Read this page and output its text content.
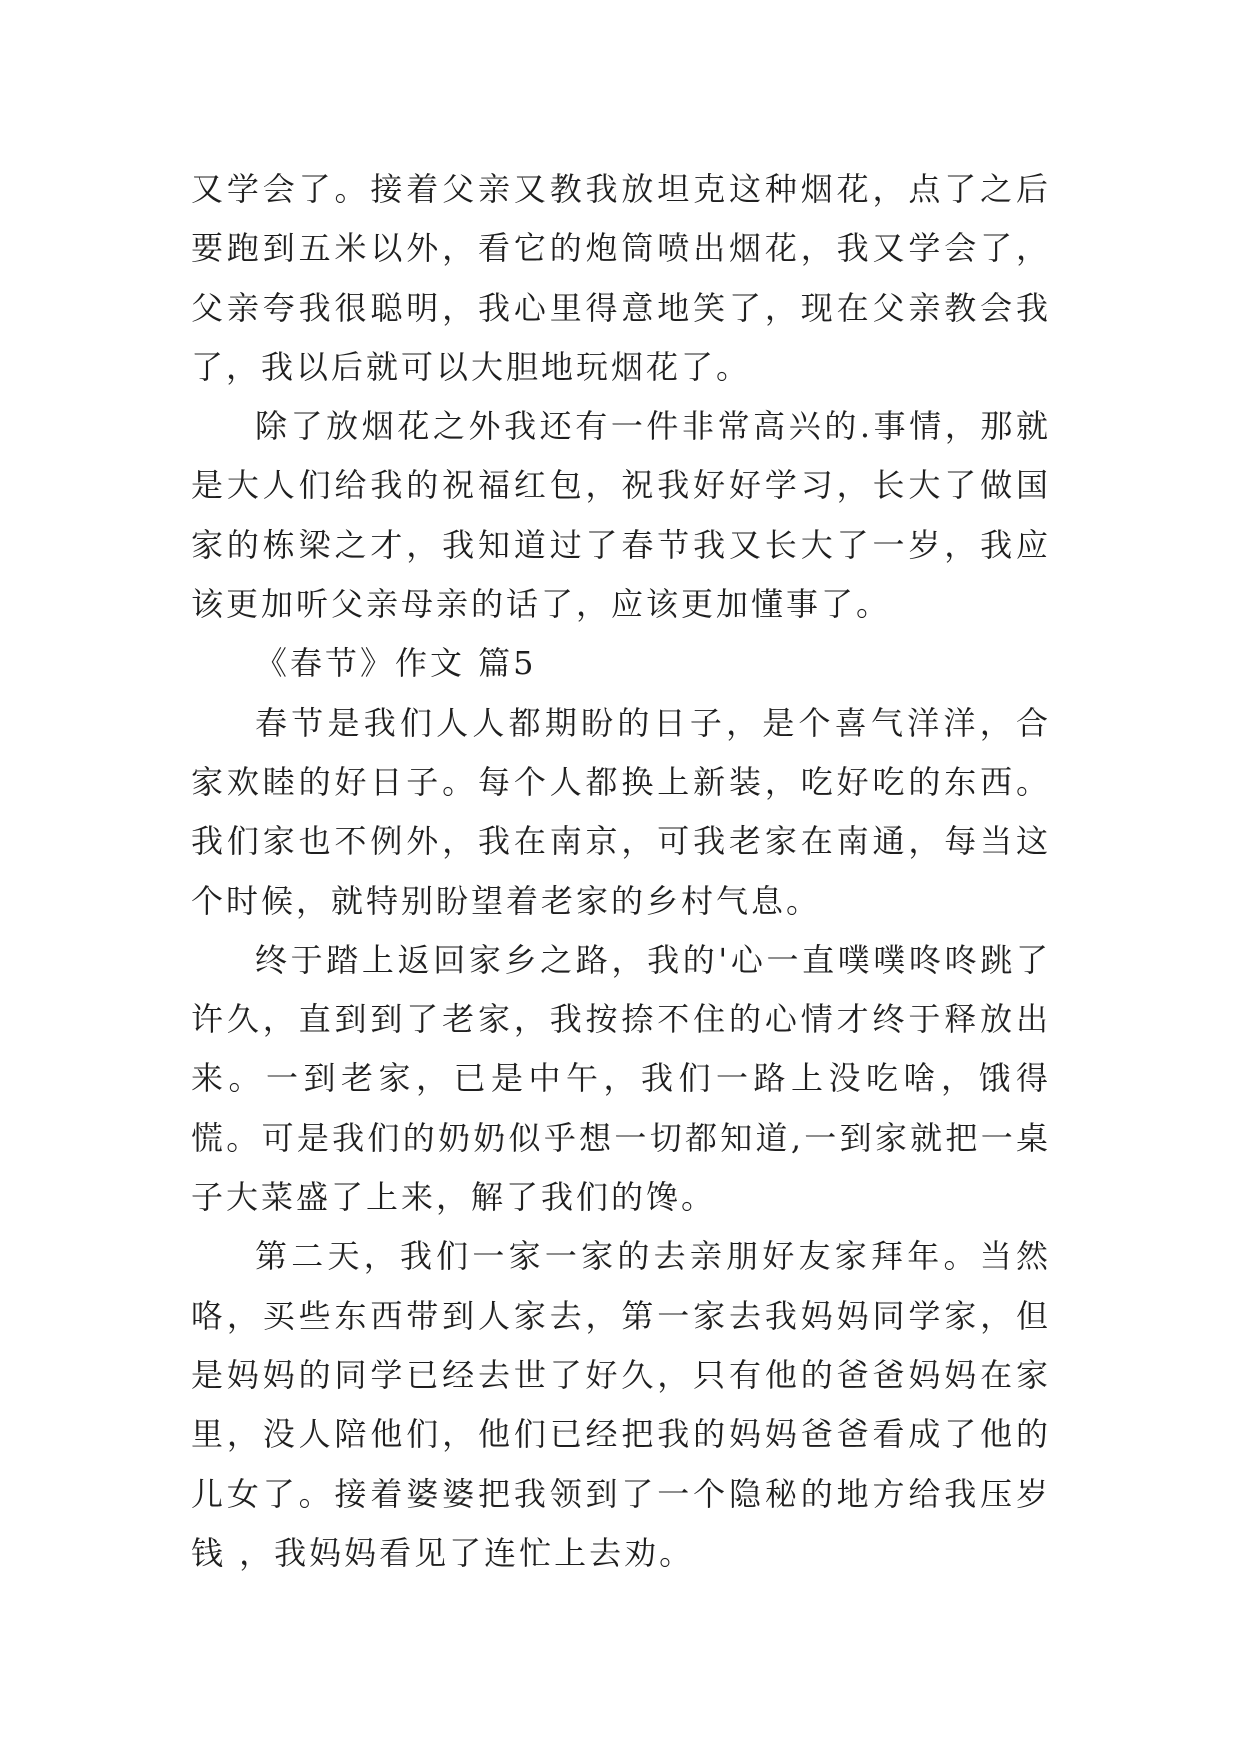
又学会了。接着父亲又教我放坦克这种烟花，点了之后要跑到五米以外，看它的炮筒喷出烟花，我又学会了，父亲夸我很聪明，我心里得意地笑了，现在父亲教会我了，我以后就可以大胆地玩烟花了。

除了放烟花之外我还有一件非常高兴的.事情，那就是大人们给我的祝福红包，祝我好好学习，长大了做国家的栋梁之才，我知道过了春节我又长大了一岁，我应该更加听父亲母亲的话了，应该更加懂事了。

《春节》作文 篇5

春节是我们人人都期盼的日子，是个喜气洋洋，合家欢睦的好日子。每个人都换上新装，吃好吃的东西。我们家也不例外，我在南京，可我老家在南通，每当这个时候，就特别盼望着老家的乡村气息。

终于踏上返回家乡之路，我的'心一直噗噗咚咚跳了许久，直到到了老家，我按捺不住的心情才终于释放出来。一到老家，已是中午，我们一路上没吃啥，饿得慌。可是我们的奶奶似乎想一切都知道,一到家就把一桌子大菜盛了上来，解了我们的馋。

第二天，我们一家一家的去亲朋好友家拜年。当然咯，买些东西带到人家去，第一家去我妈妈同学家，但是妈妈的同学已经去世了好久，只有他的爸爸妈妈在家里，没人陪他们，他们已经把我的妈妈爸爸看成了他的儿女了。接着婆婆把我领到了一个隐秘的地方给我压岁钱 ，我妈妈看见了连忙上去劝。
